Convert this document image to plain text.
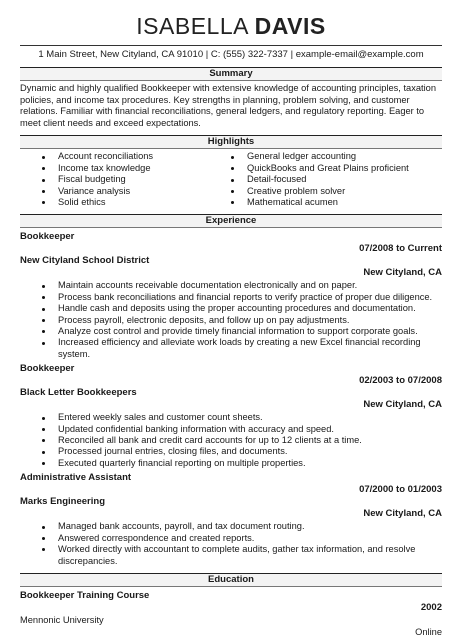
ISABELLA DAVIS
1 Main Street, New Cityland, CA 91010 | C: (555) 322-7337 | example-email@example.com
Summary
Dynamic and highly qualified Bookkeeper with extensive knowledge of accounting principles, taxation policies, and income tax procedures. Key strengths in planning, problem solving, and customer relations. Familiar with financial reconciliations, general ledgers, and regulatory reporting. Eager to meet client needs and exceed expectations.
Highlights
Account reconciliations
Income tax knowledge
Fiscal budgeting
Variance analysis
Solid ethics
General ledger accounting
QuickBooks and Great Plains proficient
Detail-focused
Creative problem solver
Mathematical acumen
Experience
Bookkeeper
07/2008 to Current
New Cityland School District
New Cityland, CA
Maintain accounts receivable documentation electronically and on paper.
Process bank reconciliations and financial reports to verify practice of proper due diligence.
Handle cash and deposits using the proper accounting procedures and documentation.
Process payroll, electronic deposits, and follow up on pay adjustments.
Analyze cost control and provide timely financial information to support corporate goals.
Increased efficiency and alleviate work loads by creating a new Excel financial recording system.
Bookkeeper
02/2003 to 07/2008
Black Letter Bookkeepers
New Cityland, CA
Entered weekly sales and customer count sheets.
Updated confidential banking information with accuracy and speed.
Reconciled all bank and credit card accounts for up to 12 clients at a time.
Processed journal entries, closing files, and documents.
Executed quarterly financial reporting on multiple properties.
Administrative Assistant
07/2000 to 01/2003
Marks Engineering
New Cityland, CA
Managed bank accounts, payroll, and tax document routing.
Answered correspondence and created reports.
Worked directly with accountant to complete audits, gather tax information, and resolve discrepancies.
Education
Bookkeeper Training Course
2002
Mennonic University
Online
